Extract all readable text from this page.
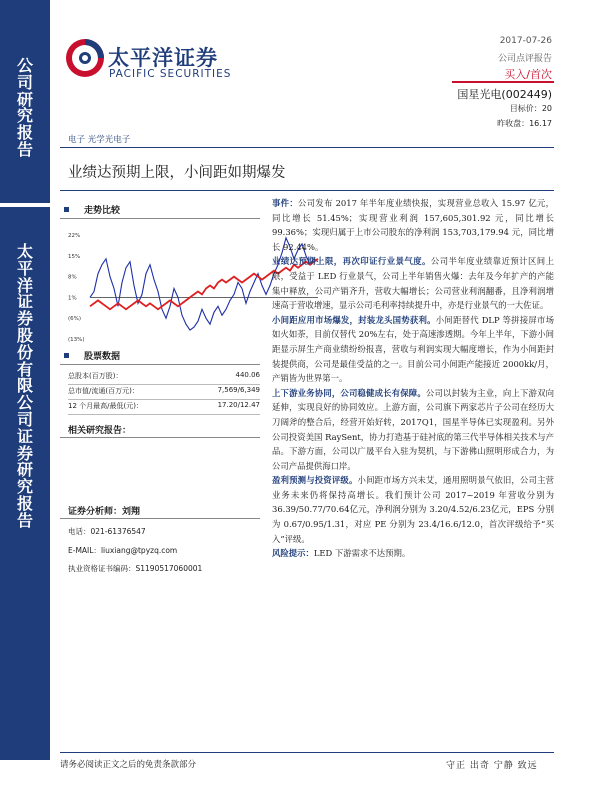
公
司
研
究
报
告
太
平
洋
证
券
股
份
有
限
公
司
证
券
研
究
报
告
太平洋证券
PACIFIC SECURITIES
2017-07-26
公司点评报告
买入/首次
国星光电(002449)
目标价：20
昨收盘：16.17
电子 光学光电子
业绩达预期上限，小间距如期爆发
走势比较
22%
15%
8%
1%
(6%)
(13%)
股票数据
总股本(百万股)：	440.06
总市值/流通(百万元)：	7,569/6,349
12 个月最高/最低(元)：	17.20/12.47
相关研究报告：
证券分析师：刘翔
电话：021-61376547
E-MAIL：liuxiang@tpyzq.com
执业资格证书编码：S1190517060001

事件：公司发布 2017 年半年度业绩快报，实现营业总收入 15.97 亿元，同比增长 51.45%；实现营业利润 157,605,301.92 元，同比增长 99.36%；实现归属于上市公司股东的净利润 153,703,179.94 元，同比增长 92.44%。

业绩达预期上限，再次印证行业景气度。公司半年度业绩靠近预计区间上限，受益于 LED 行业景气，公司上半年销售火爆：去年及今年扩产的产能集中释放，公司产销齐升，营收大幅增长；公司营业利润翻番，且净利润增速高于营收增速，显示公司毛利率持续提升中，亦是行业景气的一大佐证。

小间距应用市场爆发，封装龙头国势获利。小间距替代 DLP 等拼接屏市场如火如荼，目前仅替代 20%左右，处于高速渗透期。今年上半年，下游小间距显示屏生产商业绩纷纷报喜，营收与利润实现大幅度增长，作为小间距封装提供商，公司是最佳受益的之一。目前公司小间距产能接近 2000kk/月，产销皆为世界第一。

上下游业务协同，公司稳健成长有保障。公司以封装为主业，向上下游双向延伸，实现良好的协同效应。上游方面，公司旗下两家芯片子公司在经历大刀阔斧的整合后，经营开始好转，2017Q1，国星半导体已实现盈利。另外公司投资美国 RaySent，协力打造基于硅衬底的第三代半导体相关技术与产品。下游方面，公司以广晟平台入驻为契机，与下游佛山照明形成合力，为公司产品提供海口岸。

盈利预测与投资评级。小间距市场方兴未艾，通用照明景气依旧，公司主营业务未来仍将保持高增长。我们预计公司 2017~2019 年营收分别为 36.39/50.77/70.64亿元，净利润分别为 3.20/4.52/6.23亿元，EPS 分别为 0.67/0.95/1.31，对应 PE 分别为 23.4/16.6/12.0，首次评级给予“买入”评级。

风险提示：LED 下游需求不达预期。

请务必阅读正文之后的免责条款部分	守正 出奇 宁静 致远
